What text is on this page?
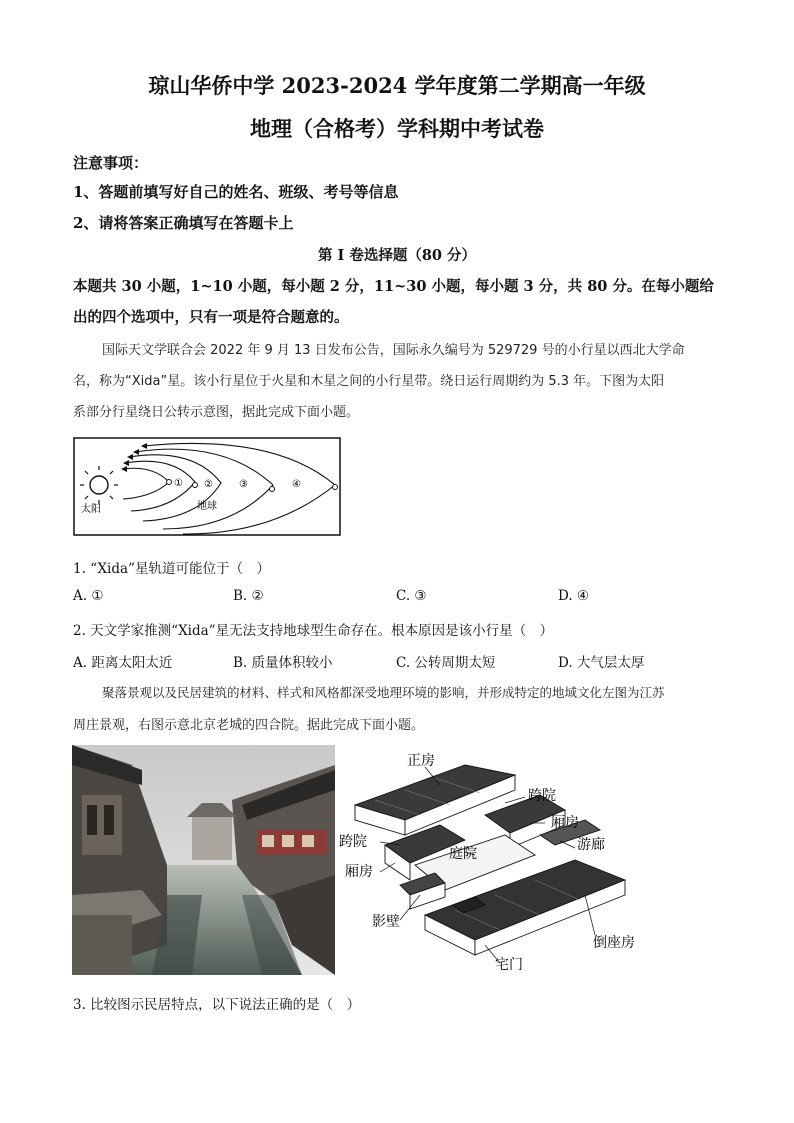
琼山华侨中学 2023-2024 学年度第二学期高一年级
地理（合格考）学科期中考试卷
注意事项：
1、答题前填写好自己的姓名、班级、考号等信息
2、请将答案正确填写在答题卡上
第 I 卷选择题（80 分）
本题共 30 小题，1~10 小题，每小题 2 分，11~30 小题，每小题 3 分，共 80 分。在每小题给
出的四个选项中，只有一项是符合题意的。
国际天文学联合会 2022 年 9 月 13 日发布公告，国际永久编号为 529729 号的小行星以西北大学命
名，称为“Xida”星。该小行星位于火星和木星之间的小行星带。绕日运行周期约为 5.3 年。下图为太阳
系部分行星绕日公转示意图，据此完成下面小题。
太阳
① ②	③	④
地球
1. “Xida”星轨道可能位于（　）
A. ①	B. ②	C. ③	D. ④
2. 天文学家推测“Xida”星无法支持地球型生命存在。根本原因是该小行星（　）
A. 距离太阳太近	B. 质量体积较小	C. 公转周期太短	D. 大气层太厚
聚落景观以及民居建筑的材料、样式和风格都深受地理环境的影响，并形成特定的地域文化左图为江苏
周庄景观，右图示意北京老城的四合院。据此完成下面小题。
正房
跨院
厢房
游廊
跨院
庭院
厢房
影壁
倒座房
宅门
3. 比较图示民居特点，以下说法正确的是（　）
